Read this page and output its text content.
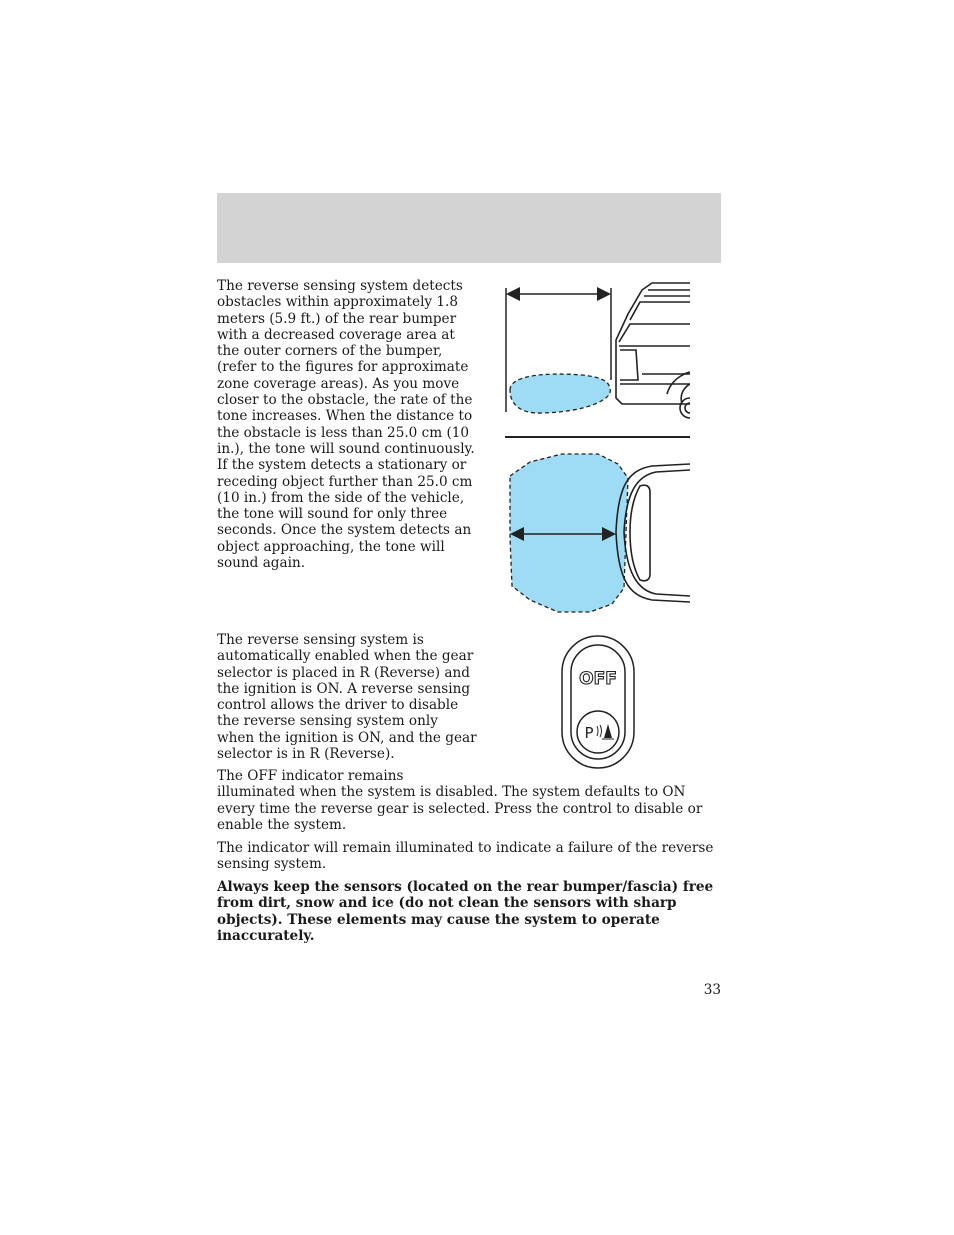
The reverse sensing system detects obstacles within approximately 1.8 meters (5.9 ft.) of the rear bumper with a decreased coverage area at the outer corners of the bumper, (refer to the figures for approximate zone coverage areas). As you move closer to the obstacle, the rate of the tone increases. When the distance to the obstacle is less than 25.0 cm (10 in.), the tone will sound continuously. If the system detects a stationary or receding object further than 25.0 cm (10 in.) from the side of the vehicle, the tone will sound for only three seconds. Once the system detects an object approaching, the tone will sound again.

The reverse sensing system is automatically enabled when the gear selector is placed in R (Reverse) and the ignition is ON. A reverse sensing control allows the driver to disable the reverse sensing system only when the ignition is ON, and the gear selector is in R (Reverse).

OFF
P

The OFF indicator remains
illuminated when the system is disabled. The system defaults to ON every time the reverse gear is selected. Press the control to disable or enable the system.

The indicator will remain illuminated to indicate a failure of the reverse sensing system.

Always keep the sensors (located on the rear bumper/fascia) free from dirt, snow and ice (do not clean the sensors with sharp objects). These elements may cause the system to operate inaccurately.

33
